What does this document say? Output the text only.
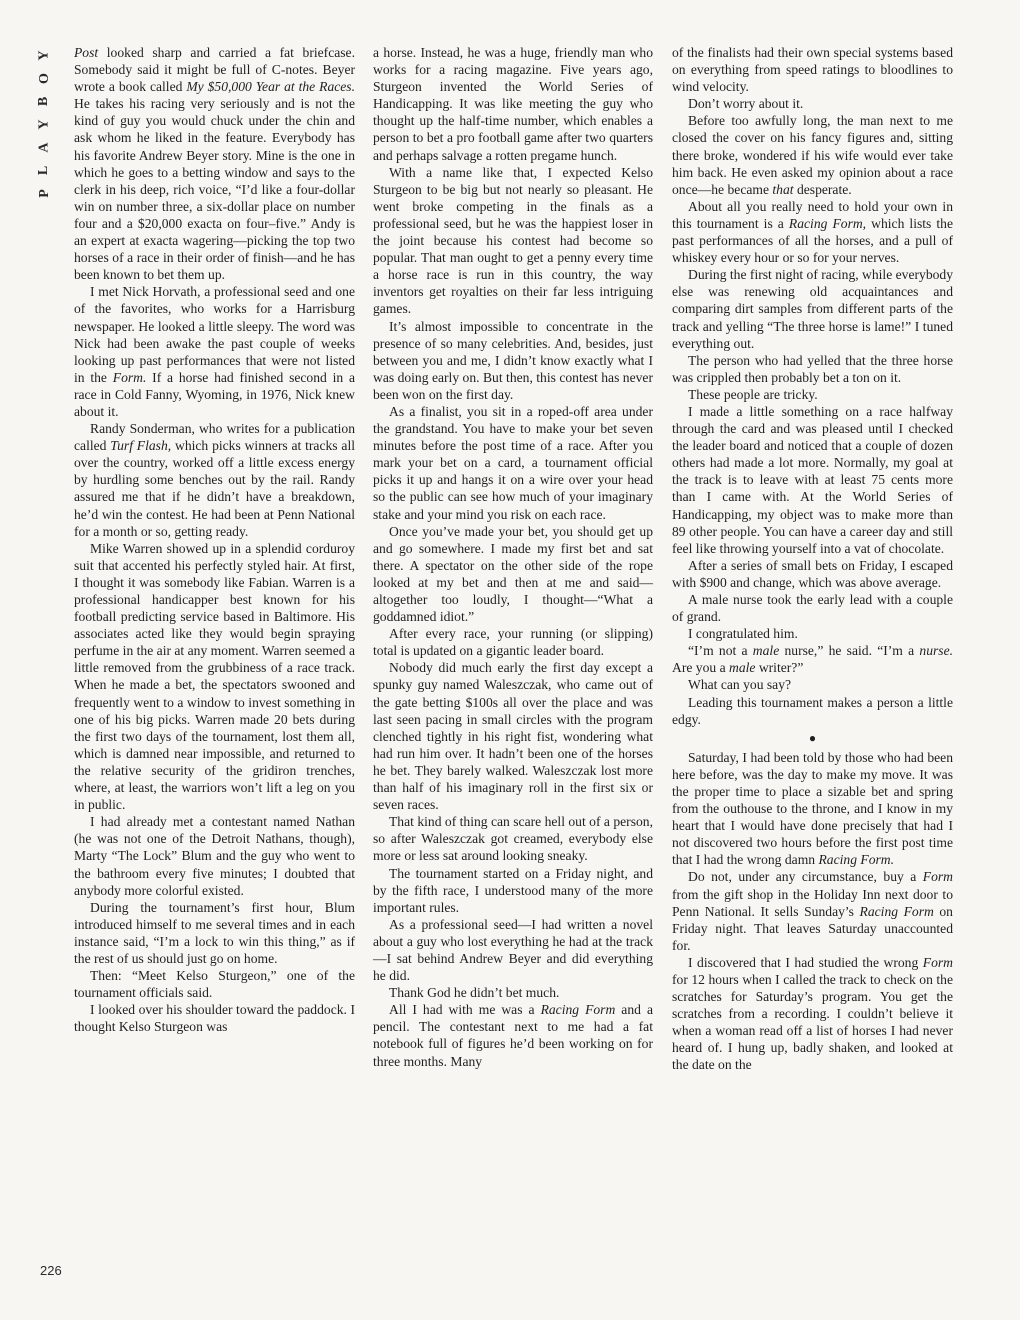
Y
O
B
Y
A
L
P

Post looked sharp and carried a fat briefcase. Somebody said it might be full of C-notes. Beyer wrote a book called My $50,000 Year at the Races. He takes his racing very seriously and is not the kind of guy you would chuck under the chin and ask whom he liked in the feature. Everybody has his favorite Andrew Beyer story. Mine is the one in which he goes to a betting window and says to the clerk in his deep, rich voice, “I’d like a four-dollar win on number three, a six-dollar place on number four and a $20,000 exacta on four–five.” Andy is an expert at exacta wagering—picking the top two horses of a race in their order of finish—and he has been known to bet them up.

I met Nick Horvath, a professional seed and one of the favorites, who works for a Harrisburg newspaper. He looked a little sleepy. The word was Nick had been awake the past couple of weeks looking up past performances that were not listed in the Form. If a horse had finished second in a race in Cold Fanny, Wyoming, in 1976, Nick knew about it.

Randy Sonderman, who writes for a publication called Turf Flash, which picks winners at tracks all over the country, worked off a little excess energy by hurdling some benches out by the rail. Randy assured me that if he didn’t have a breakdown, he’d win the contest. He had been at Penn National for a month or so, getting ready.

Mike Warren showed up in a splendid corduroy suit that accented his perfectly styled hair. At first, I thought it was somebody like Fabian. Warren is a professional handicapper best known for his football predicting service based in Baltimore. His associates acted like they would begin spraying perfume in the air at any moment. Warren seemed a little removed from the grubbiness of a race track. When he made a bet, the spectators swooned and frequently went to a window to invest something in one of his big picks. Warren made 20 bets during the first two days of the tournament, lost them all, which is damned near impossible, and returned to the relative security of the gridiron trenches, where, at least, the warriors won’t lift a leg on you in public.

I had already met a contestant named Nathan (he was not one of the Detroit Nathans, though), Marty “The Lock” Blum and the guy who went to the bathroom every five minutes; I doubted that anybody more colorful existed.

During the tournament’s first hour, Blum introduced himself to me several times and in each instance said, “I’m a lock to win this thing,” as if the rest of us should just go on home.

Then: “Meet Kelso Sturgeon,” one of the tournament officials said.

I looked over his shoulder toward the paddock. I thought Kelso Sturgeon was

a horse. Instead, he was a huge, friendly man who works for a racing magazine. Five years ago, Sturgeon invented the World Series of Handicapping. It was like meeting the guy who thought up the half-time number, which enables a person to bet a pro football game after two quarters and perhaps salvage a rotten pregame hunch.

With a name like that, I expected Kelso Sturgeon to be big but not nearly so pleasant. He went broke competing in the finals as a professional seed, but he was the happiest loser in the joint because his contest had become so popular. That man ought to get a penny every time a horse race is run in this country, the way inventors get royalties on their far less intriguing games.

It’s almost impossible to concentrate in the presence of so many celebrities. And, besides, just between you and me, I didn’t know exactly what I was doing early on. But then, this contest has never been won on the first day.

As a finalist, you sit in a roped-off area under the grandstand. You have to make your bet seven minutes before the post time of a race. After you mark your bet on a card, a tournament official picks it up and hangs it on a wire over your head so the public can see how much of your imaginary stake and your mind you risk on each race.

Once you’ve made your bet, you should get up and go somewhere. I made my first bet and sat there. A spectator on the other side of the rope looked at my bet and then at me and said—altogether too loudly, I thought—“What a goddamned idiot.”

After every race, your running (or slipping) total is updated on a gigantic leader board.

Nobody did much early the first day except a spunky guy named Waleszczak, who came out of the gate betting $100s all over the place and was last seen pacing in small circles with the program clenched tightly in his right fist, wondering what had run him over. It hadn’t been one of the horses he bet. They barely walked. Waleszczak lost more than half of his imaginary roll in the first six or seven races.

That kind of thing can scare hell out of a person, so after Waleszczak got creamed, everybody else more or less sat around looking sneaky.

The tournament started on a Friday night, and by the fifth race, I understood many of the more important rules.

As a professional seed—I had written a novel about a guy who lost everything he had at the track—I sat behind Andrew Beyer and did everything he did.

Thank God he didn’t bet much.

All I had with me was a Racing Form and a pencil. The contestant next to me had a fat notebook full of figures he’d been working on for three months. Many

of the finalists had their own special systems based on everything from speed ratings to bloodlines to wind velocity.

Don’t worry about it.

Before too awfully long, the man next to me closed the cover on his fancy figures and, sitting there broke, wondered if his wife would ever take him back. He even asked my opinion about a race once—he became that desperate.

About all you really need to hold your own in this tournament is a Racing Form, which lists the past performances of all the horses, and a pull of whiskey every hour or so for your nerves.

During the first night of racing, while everybody else was renewing old acquaintances and comparing dirt samples from different parts of the track and yelling “The three horse is lame!” I tuned everything out.

The person who had yelled that the three horse was crippled then probably bet a ton on it.

These people are tricky.

I made a little something on a race halfway through the card and was pleased until I checked the leader board and noticed that a couple of dozen others had made a lot more. Normally, my goal at the track is to leave with at least 75 cents more than I came with. At the World Series of Handicapping, my object was to make more than 89 other people. You can have a career day and still feel like throwing yourself into a vat of chocolate.

After a series of small bets on Friday, I escaped with $900 and change, which was above average.

A male nurse took the early lead with a couple of grand.

I congratulated him.

“I’m not a male nurse,” he said. “I’m a nurse. Are you a male writer?”

What can you say?

Leading this tournament makes a person a little edgy.

●

Saturday, I had been told by those who had been here before, was the day to make my move. It was the proper time to place a sizable bet and spring from the outhouse to the throne, and I know in my heart that I would have done precisely that had I not discovered two hours before the first post time that I had the wrong damn Racing Form.

Do not, under any circumstance, buy a Form from the gift shop in the Holiday Inn next door to Penn National. It sells Sunday’s Racing Form on Friday night. That leaves Saturday unaccounted for.

I discovered that I had studied the wrong Form for 12 hours when I called the track to check on the scratches for Saturday’s program. You get the scratches from a recording. I couldn’t believe it when a woman read off a list of horses I had never heard of. I hung up, badly shaken, and looked at the date on the

226
